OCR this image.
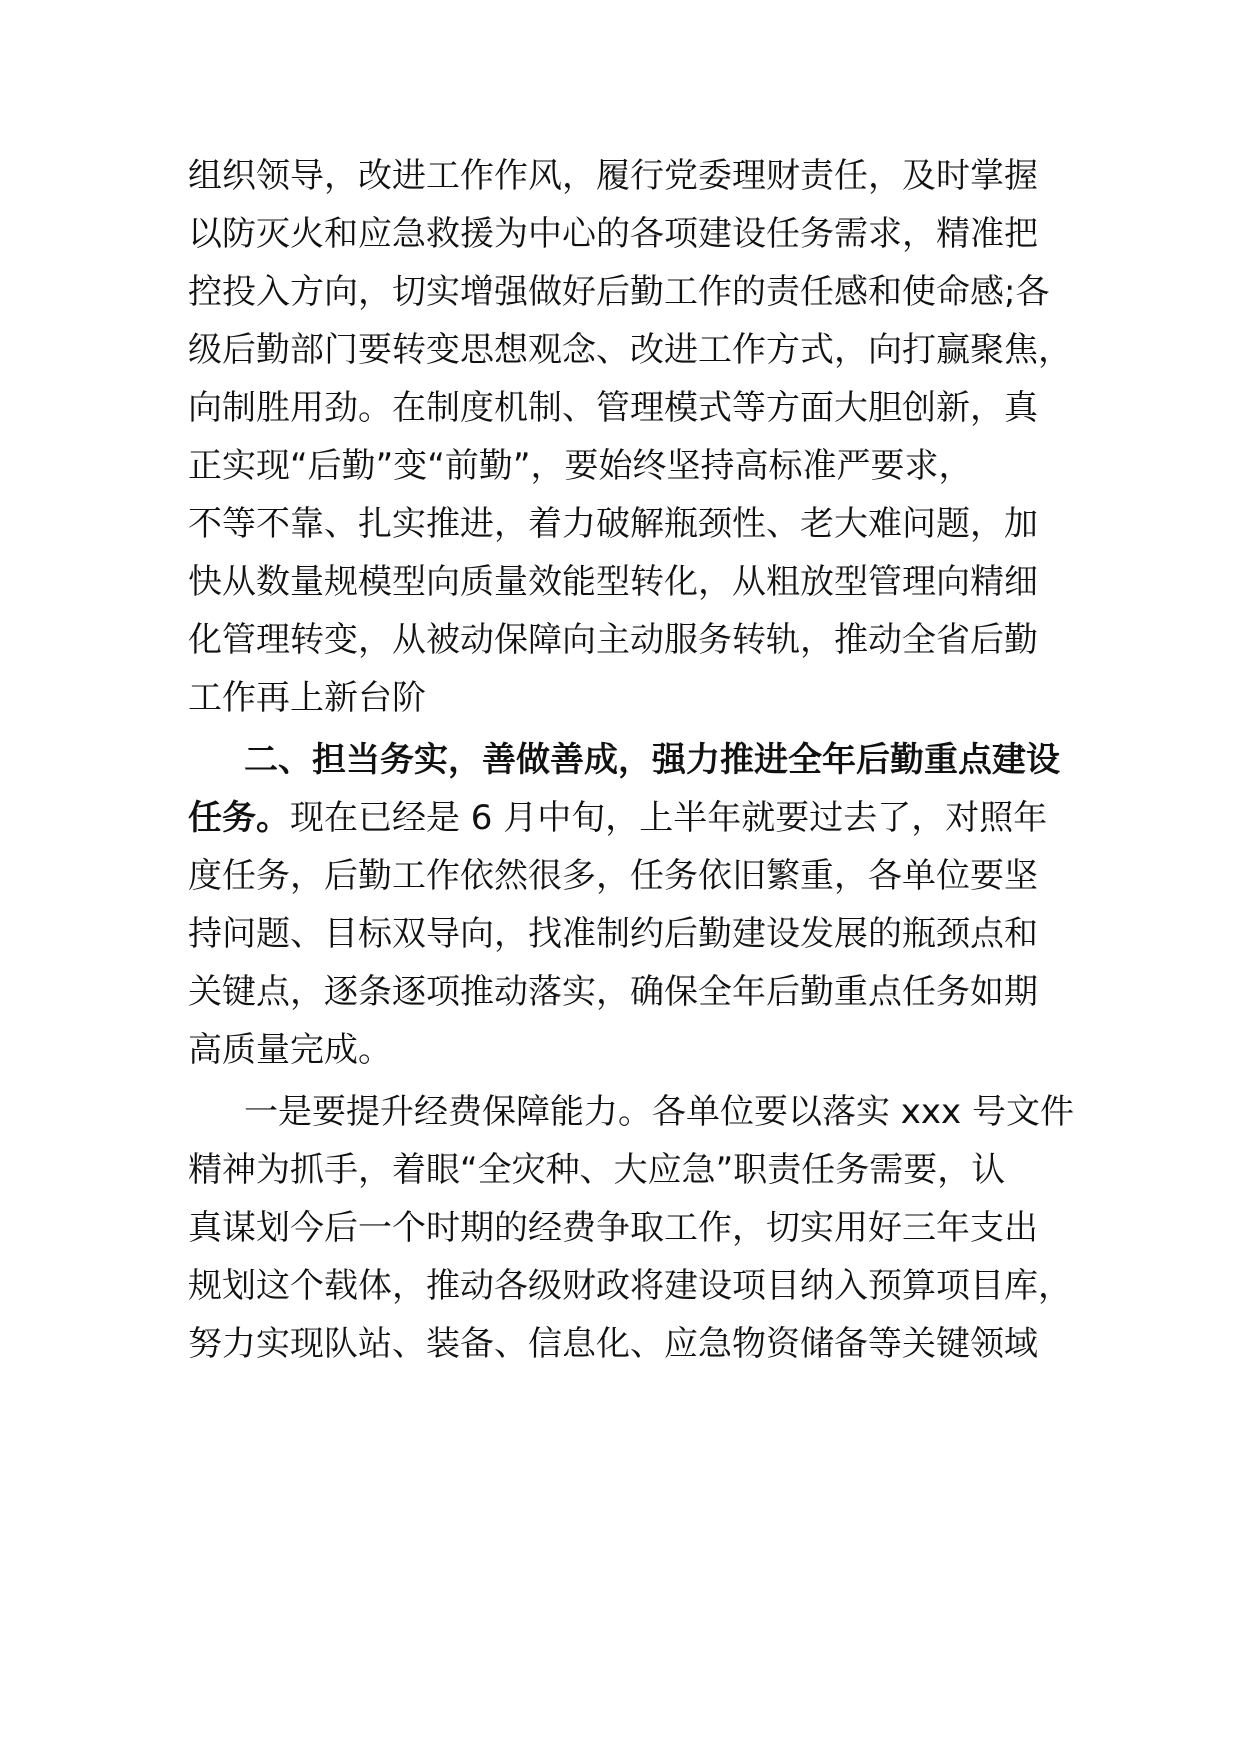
组织领导，改进工作作风，履行党委理财责任，及时掌握

以防灭火和应急救援为中心的各项建设任务需求，精准把

控投入方向，切实增强做好后勤工作的责任感和使命感;各

级后勤部门要转变思想观念、改进工作方式，向打赢聚焦，

向制胜用劲。在制度机制、管理模式等方面大胆创新，真

正实现“后勤”变“前勤”，要始终坚持高标准严要求，

不等不靠、扎实推进，着力破解瓶颈性、老大难问题，加

快从数量规模型向质量效能型转化，从粗放型管理向精细

化管理转变，从被动保障向主动服务转轨，推动全省后勤

工作再上新台阶

二、担当务实，善做善成，强力推进全年后勤重点建设

任务。现在已经是 6 月中旬，上半年就要过去了，对照年

度任务，后勤工作依然很多，任务依旧繁重，各单位要坚

持问题、目标双导向，找准制约后勤建设发展的瓶颈点和

关键点，逐条逐项推动落实，确保全年后勤重点任务如期

高质量完成。

一是要提升经费保障能力。各单位要以落实 xxx 号文件

精神为抓手，着眼“全灾种、大应急”职责任务需要，认

真谋划今后一个时期的经费争取工作，切实用好三年支出

规划这个载体，推动各级财政将建设项目纳入预算项目库，

努力实现队站、装备、信息化、应急物资储备等关键领域
